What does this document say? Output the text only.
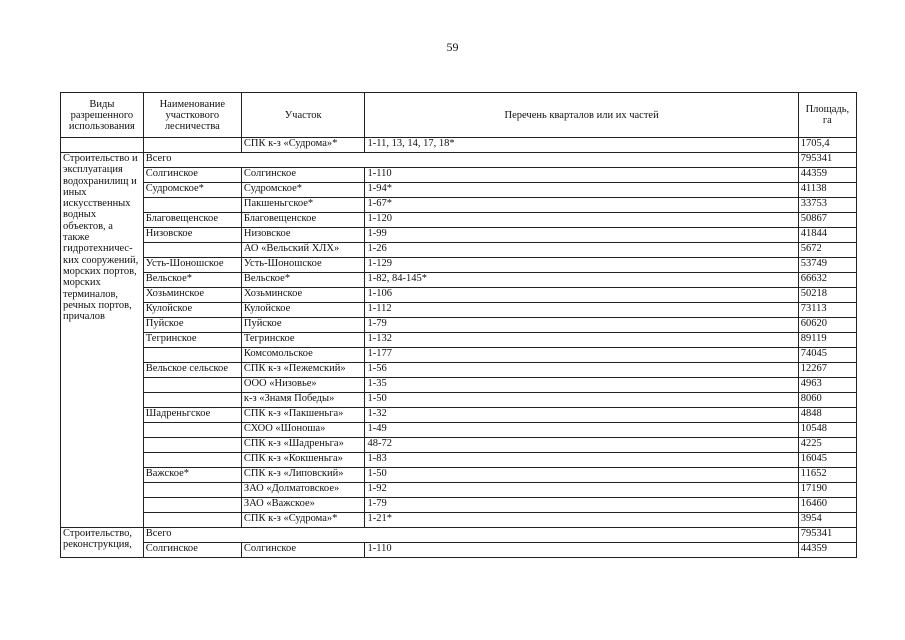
59
Виды разрешенного использования	Наименование участкового лесничества	Участок	Перечень кварталов или их частей	Площадь, га
		СПК к-з «Судрома»*	1-11, 13, 14, 17, 18*	1705,4
Строительство и эксплуатация водохранилищ и иных искусственных водных объектов, а также гидротехничес-ких сооружений, морских портов, морских терминалов, речных портов, причалов	Всего			795341
	Солгинское	Солгинское	1-110	44359
	Судромское*	Судромское*	1-94*	41138
		Пакшеньгское*	1-67*	33753
	Благовещенское	Благовещенское	1-120	50867
	Низовское	Низовское	1-99	41844
		АО «Вельский ХЛХ»	1-26	5672
	Усть-Шоношское	Усть-Шоношское	1-129	53749
	Вельское*	Вельское*	1-82, 84-145*	66632
	Хозьминское	Хозьминское	1-106	50218
	Кулойское	Кулойское	1-112	73113
	Пуйское	Пуйское	1-79	60620
	Тегринское	Тегринское	1-132	89119
		Комсомольское	1-177	74045
	Вельское сельское	СПК к-з «Пежемский»	1-56	12267
		ООО «Низовье»	1-35	4963
		к-з «Знамя Победы»	1-50	8060
	Шадреньгское	СПК к-з «Пакшеньга»	1-32	4848
		СХОО «Шоноша»	1-49	10548
		СПК к-з «Шадреньга»	48-72	4225
		СПК к-з «Кокшеньга»	1-83	16045
	Важское*	СПК к-з «Липовский»	1-50	11652
		ЗАО «Долматовское»	1-92	17190
		ЗАО «Важское»	1-79	16460
		СПК к-з «Судрома»*	1-21*	3954
Строительство, реконструкция,	Всего			795341
	Солгинское	Солгинское	1-110	44359
